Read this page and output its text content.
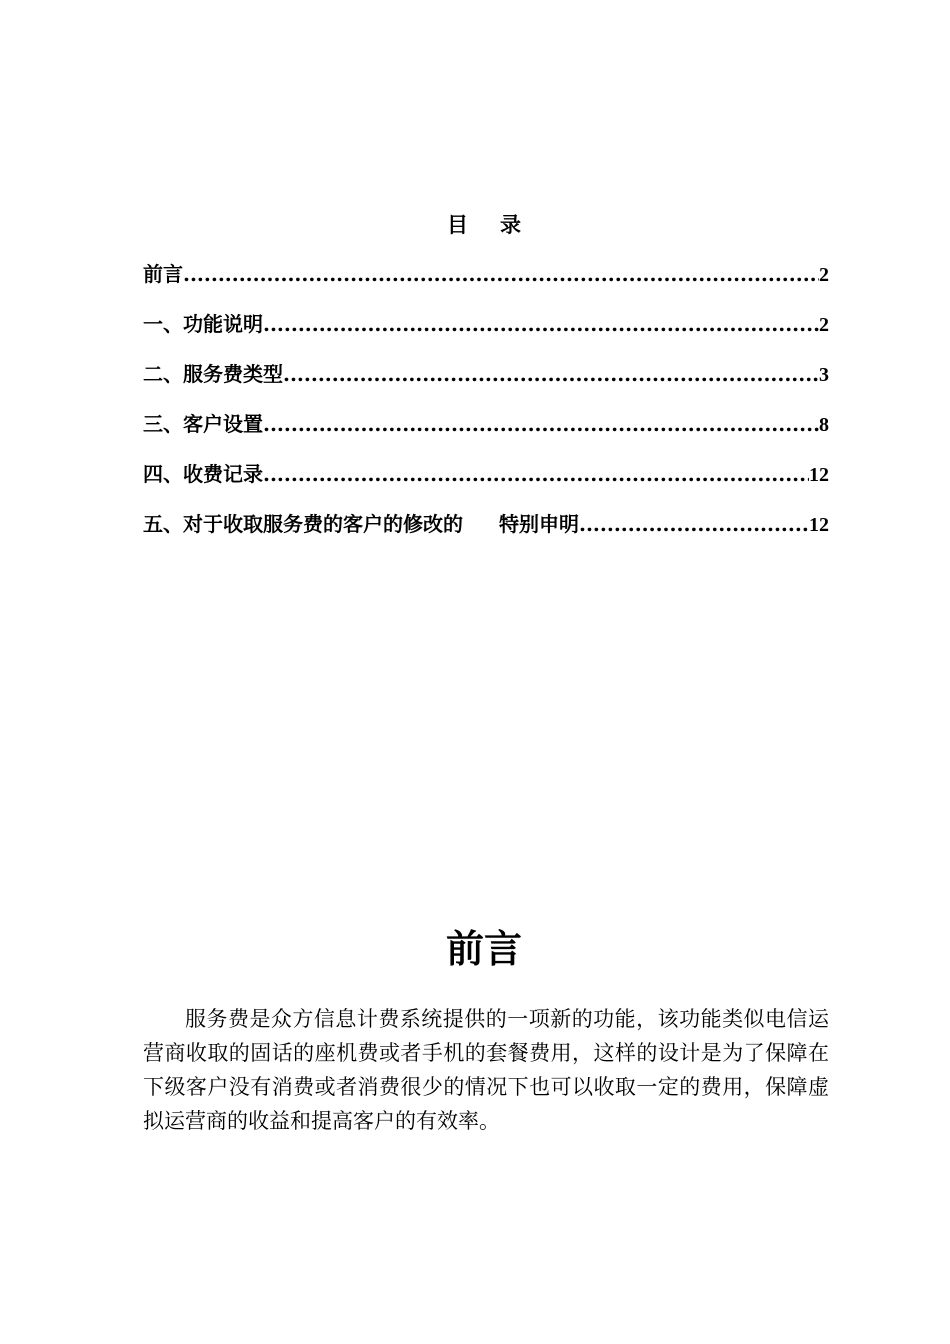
目 录
前言 .....	2
一、功能说明 .....	2
二、服务费类型 .....	3
三、客户设置 .....	8
四、收费记录 .....	12
五、对于收取服务费的客户的修改的 特别申明 .....	12
前言

服务费是众方信息计费系统提供的一项新的功能，该功能类似电信运营商收取的固话的座机费或者手机的套餐费用，这样的设计是为了保障在下级客户没有消费或者消费很少的情况下也可以收取一定的费用，保障虚拟运营商的收益和提高客户的有效率。
